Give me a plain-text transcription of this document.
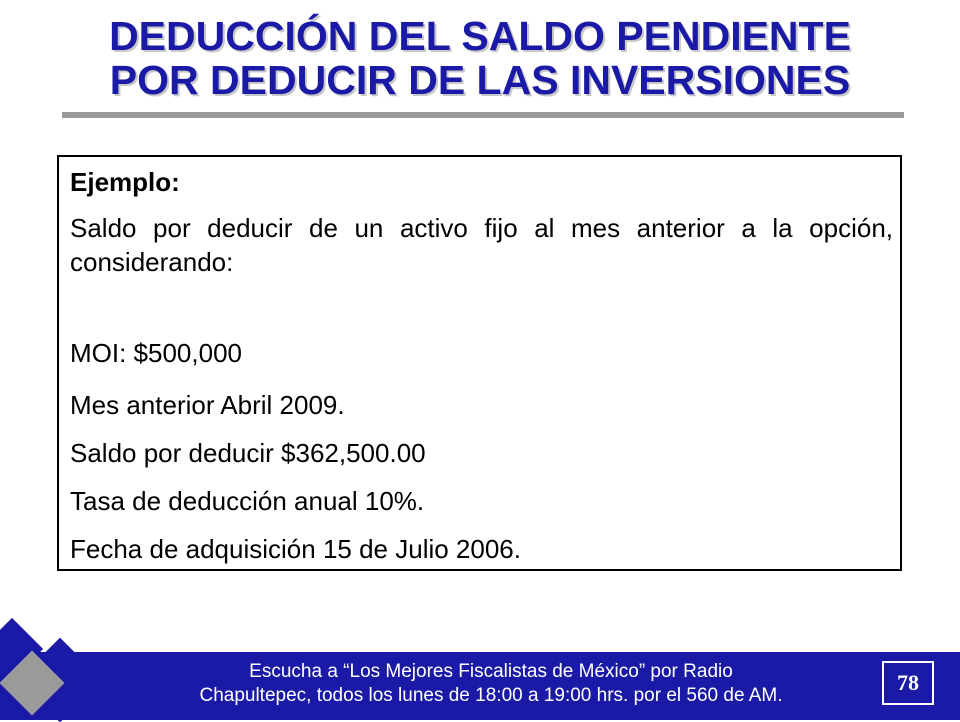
DEDUCCIÓN DEL SALDO PENDIENTE
POR DEDUCIR DE LAS INVERSIONES

Ejemplo:

Saldo por deducir de un activo fijo al mes anterior a la opción, considerando:

MOI: $500,000
Mes anterior Abril 2009.
Saldo por deducir $362,500.00
Tasa de deducción anual 10%.
Fecha de adquisición 15 de Julio 2006.
Escucha a “Los Mejores Fiscalistas de México” por Radio
Chapultepec, todos los lunes de 18:00 a 19:00 hrs. por el 560 de AM.
78
